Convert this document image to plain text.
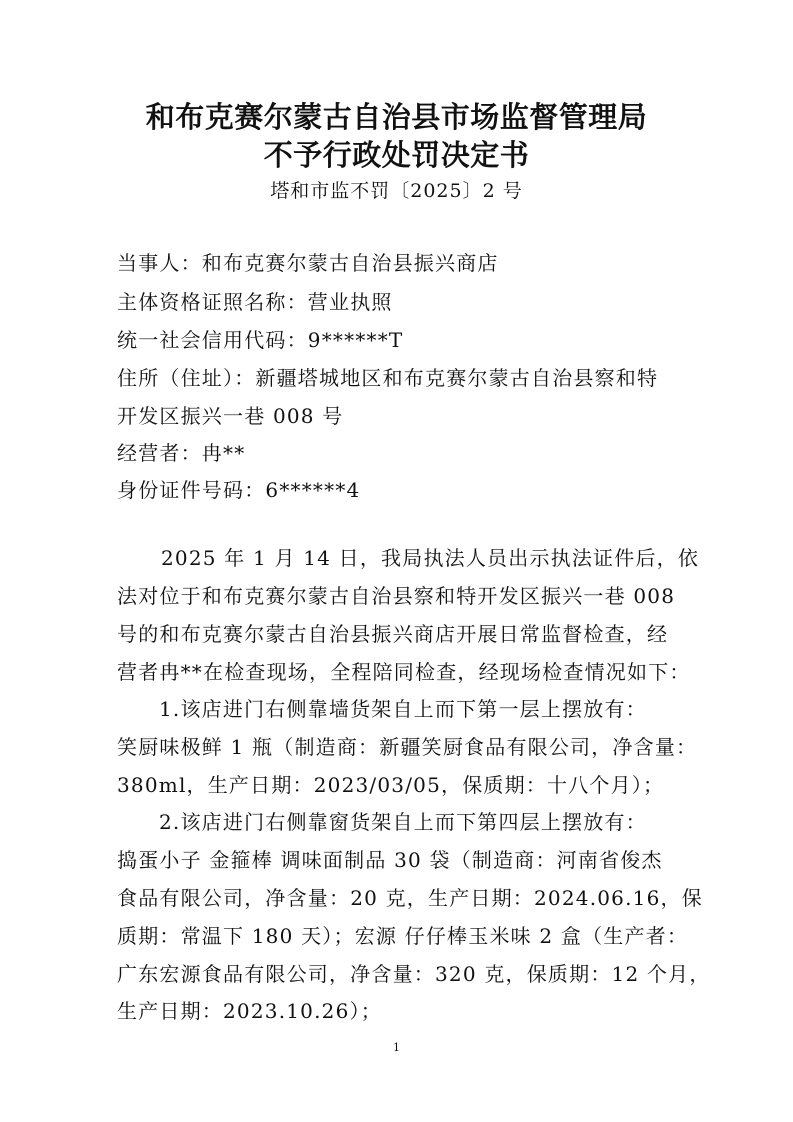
和布克赛尔蒙古自治县市场监督管理局
不予行政处罚决定书
塔和市监不罚〔2025〕2 号
当事人：和布克赛尔蒙古自治县振兴商店
主体资格证照名称：营业执照
统一社会信用代码：9******T
住所（住址）：新疆塔城地区和布克赛尔蒙古自治县察和特
开发区振兴一巷 008 号
经营者：冉**
身份证件号码：6******4
2025 年 1 月 14 日，我局执法人员出示执法证件后，依
法对位于和布克赛尔蒙古自治县察和特开发区振兴一巷 008
号的和布克赛尔蒙古自治县振兴商店开展日常监督检查，经
营者冉**在检查现场，全程陪同检查，经现场检查情况如下：
1.该店进门右侧靠墙货架自上而下第一层上摆放有：
笑厨味极鲜 1 瓶（制造商：新疆笑厨食品有限公司，净含量：
380ml，生产日期：2023/03/05，保质期：十八个月）；
2.该店进门右侧靠窗货架自上而下第四层上摆放有：
捣蛋小子 金箍棒 调味面制品 30 袋（制造商：河南省俊杰
食品有限公司，净含量：20 克，生产日期：2024.06.16，保
质期：常温下 180 天）；宏源 仔仔棒玉米味 2 盒（生产者：
广东宏源食品有限公司，净含量：320 克，保质期：12 个月，
生产日期：2023.10.26）；
1
